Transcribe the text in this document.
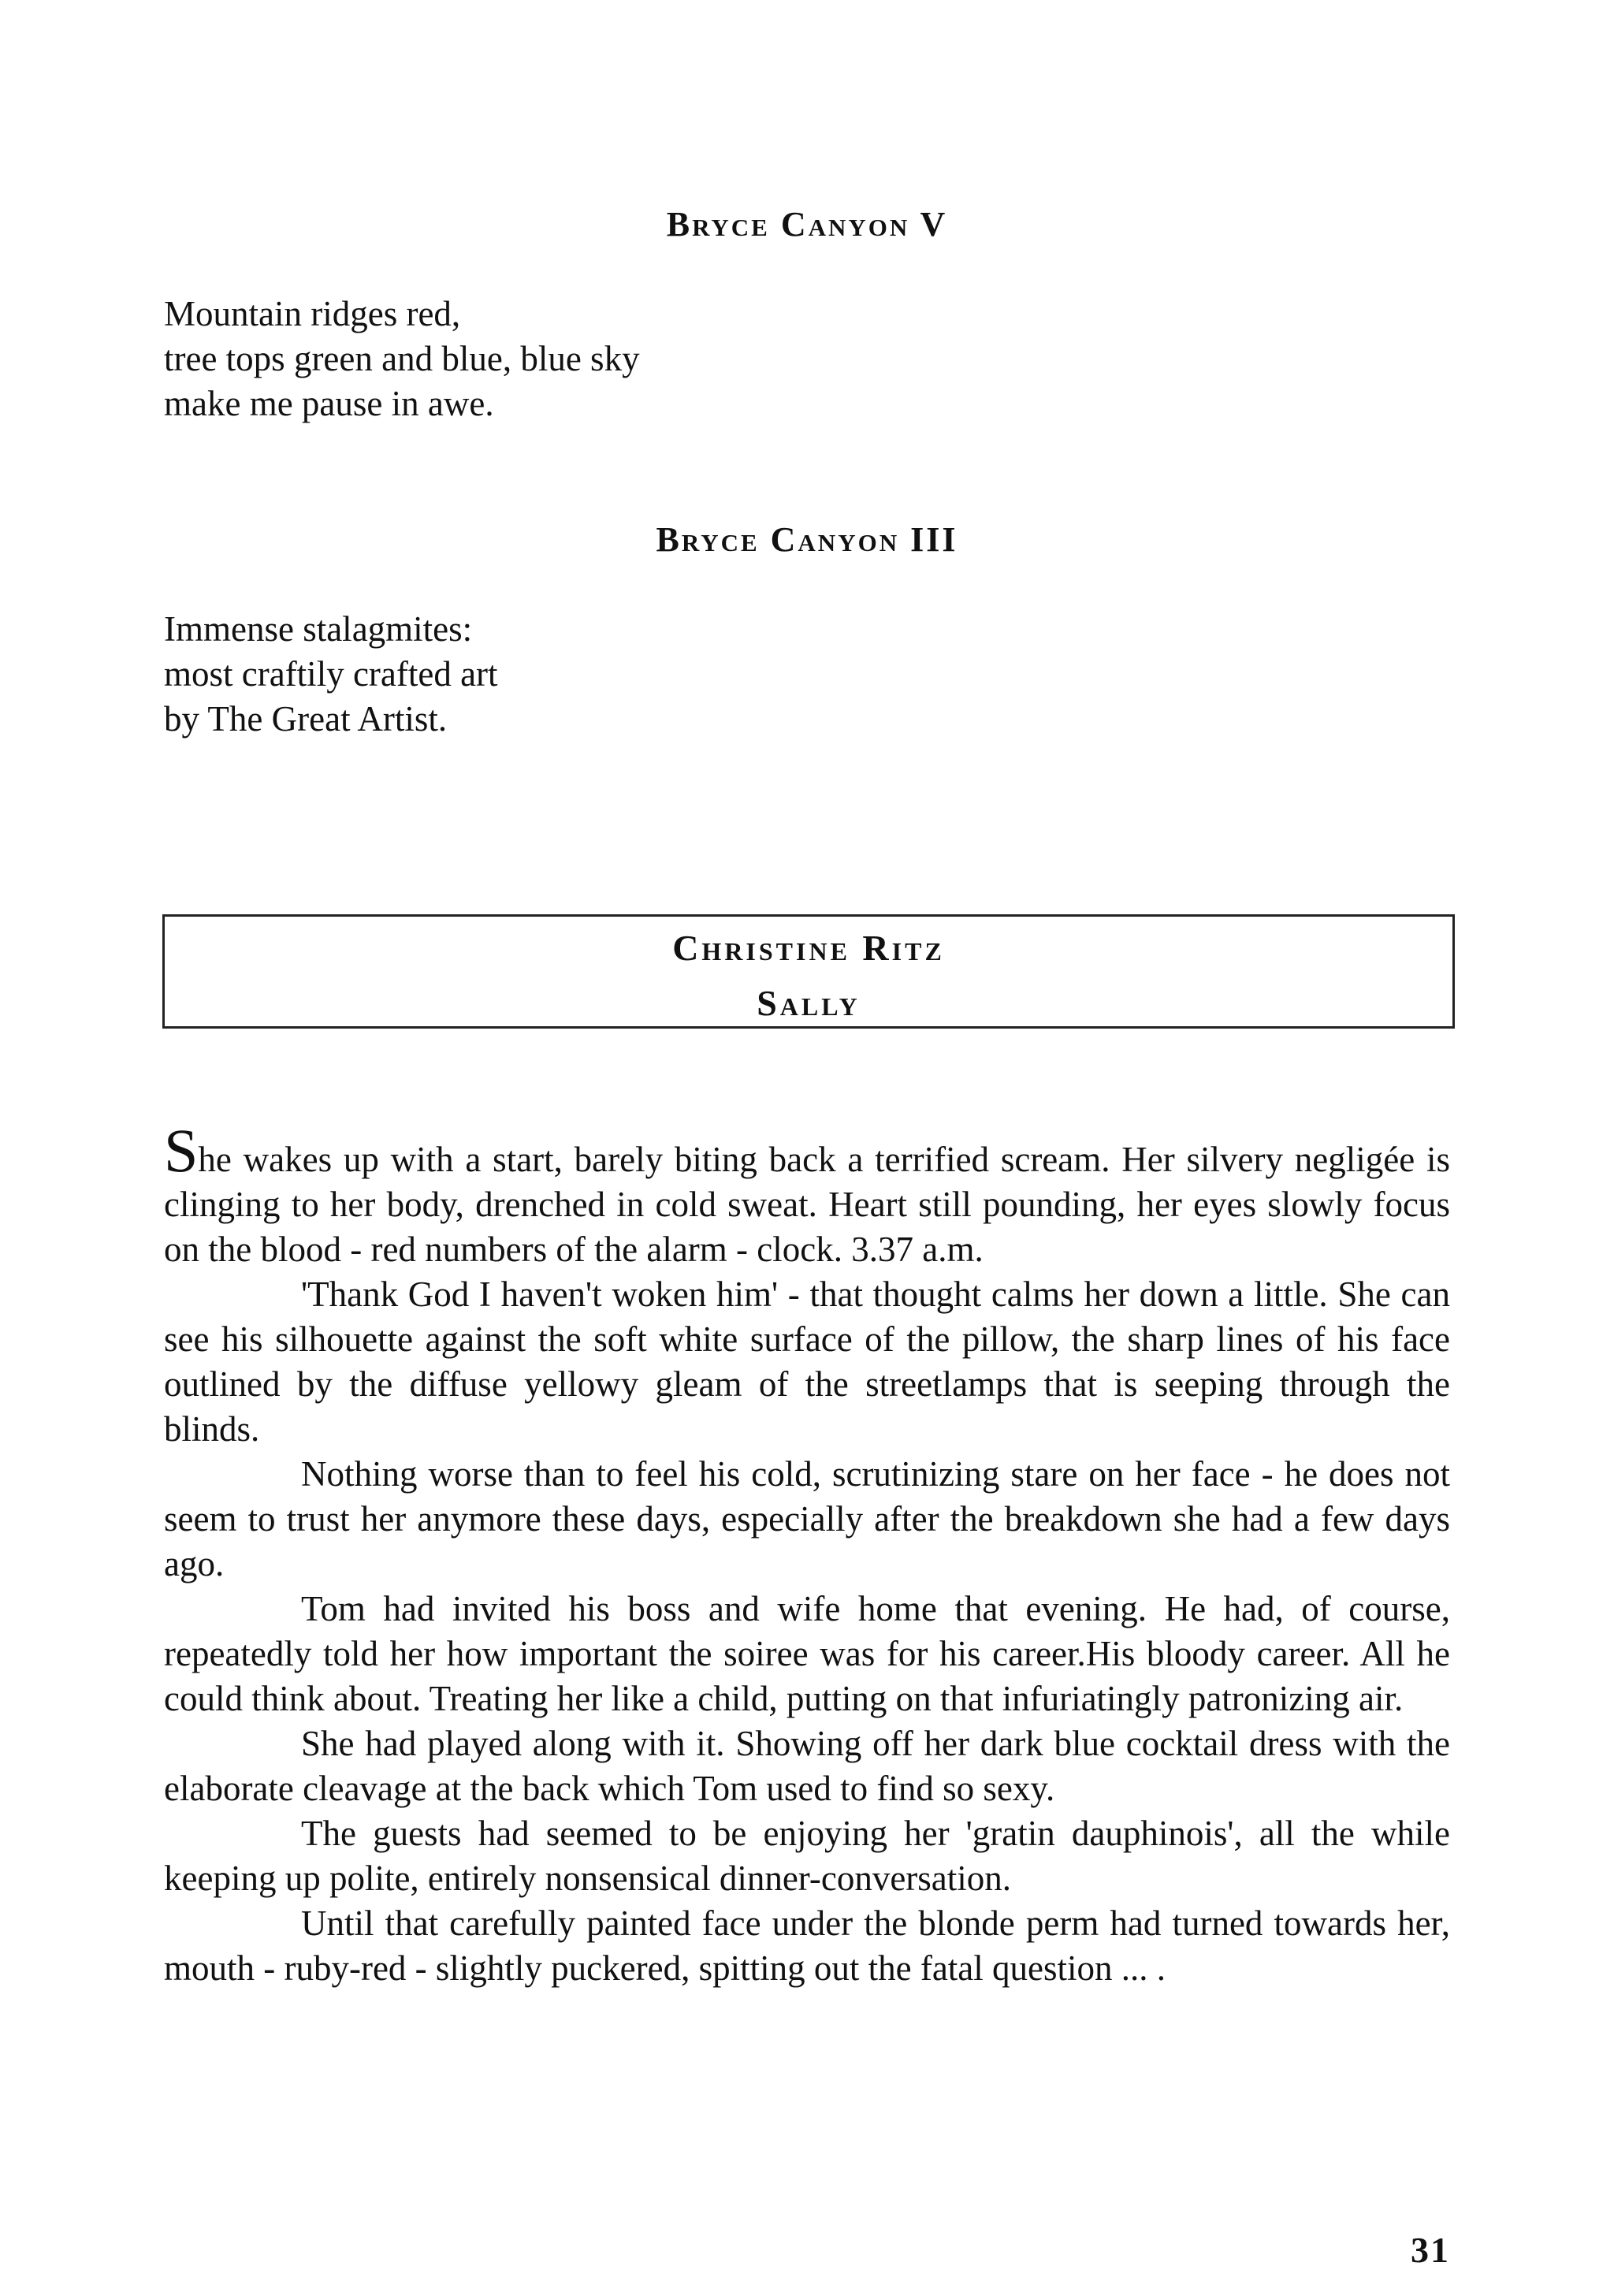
Bryce Canyon V
Mountain ridges red,
tree tops green and blue, blue sky
make me pause in awe.
Bryce Canyon III
Immense stalagmites:
most craftily crafted art
by The Great Artist.
Christine Ritz
Sally

She wakes up with a start, barely biting back a terrified scream. Her silvery negligée is clinging to her body, drenched in cold sweat. Heart still pounding, her eyes slowly focus on the blood - red numbers of the alarm - clock. 3.37 a.m.

'Thank God I haven't woken him' - that thought calms her down a little. She can see his silhouette against the soft white surface of the pillow, the sharp lines of his face outlined by the diffuse yellowy gleam of the streetlamps that is seeping through the blinds.

Nothing worse than to feel his cold, scrutinizing stare on her face - he does not seem to trust her anymore these days, especially after the breakdown she had a few days ago.

Tom had invited his boss and wife home that evening. He had, of course, repeatedly told her how important the soiree was for his career.His bloody career. All he could think about. Treating her like a child, putting on that infuriatingly patronizing air.

She had played along with it. Showing off her dark blue cocktail dress with the elaborate cleavage at the back which Tom used to find so sexy.

The guests had seemed to be enjoying her 'gratin dauphinois', all the while keeping up polite, entirely nonsensical dinner-conversation.

Until that carefully painted face under the blonde perm had turned towards her, mouth - ruby-red - slightly puckered, spitting out the fatal question ... .

31
